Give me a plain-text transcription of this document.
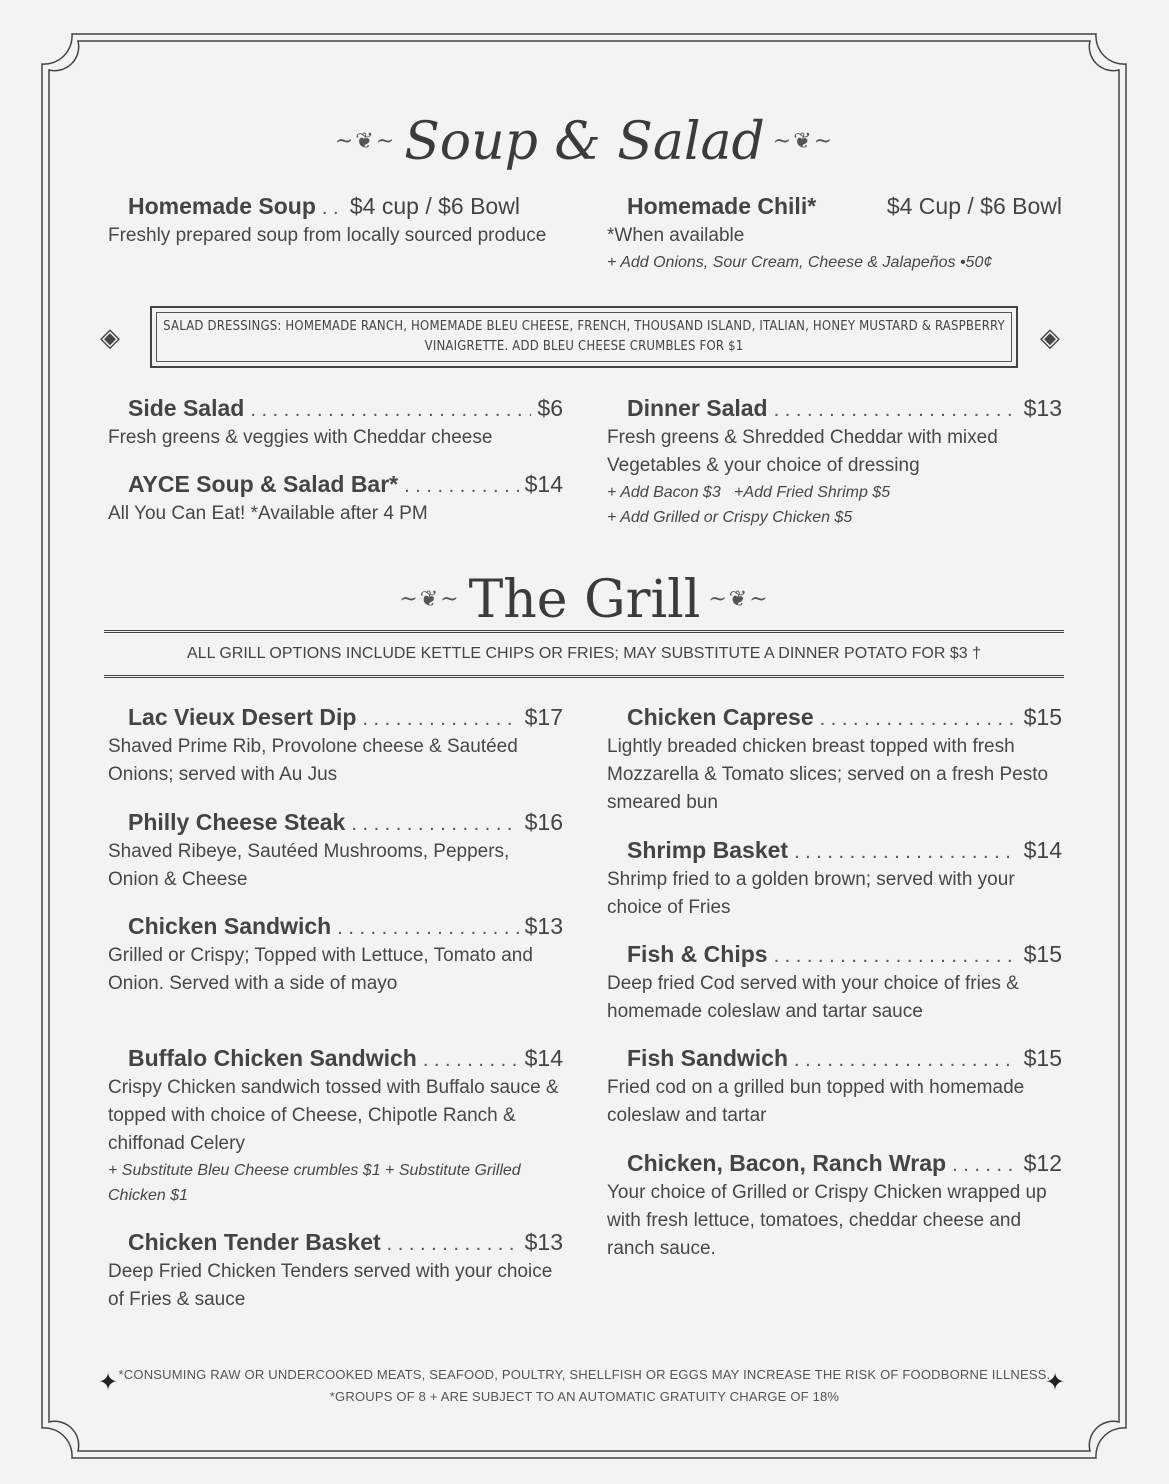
~❦~ Soup & Salad ~❦~
Homemade Soup . . . $4 cup / $6 Bowl
Freshly prepared soup from locally sourced produce
Homemade Chili*	$4 Cup / $6 Bowl
*When available
+ Add Onions, Sour Cream, Cheese & Jalapeños •50¢
◈	SALAD DRESSINGS: HOMEMADE RANCH, HOMEMADE BLEU CHEESE, FRENCH, THOUSAND ISLAND, ITALIAN, HONEY MUSTARD & RASPBERRY VINAIGRETTE. ADD BLEU CHEESE CRUMBLES FOR $1	◈
Side Salad . . .	$6
Fresh greens & veggies with Cheddar cheese
AYCE Soup & Salad Bar* . . .	$14
All You Can Eat! *Available after 4 PM
Dinner Salad . . .	$13
Fresh greens & Shredded Cheddar with mixed Vegetables & your choice of dressing
+ Add Bacon $3   +Add Fried Shrimp $5
+ Add Grilled or Crispy Chicken $5
~❦~ The Grill ~❦~
ALL GRILL OPTIONS INCLUDE KETTLE CHIPS OR FRIES; MAY SUBSTITUTE A DINNER POTATO FOR $3 †
Lac Vieux Desert Dip . . .	$17
Shaved Prime Rib, Provolone cheese & Sautéed Onions; served with Au Jus
Philly Cheese Steak . . .	$16
Shaved Ribeye, Sautéed Mushrooms, Peppers, Onion & Cheese
Chicken Sandwich . . .	$13
Grilled or Crispy; Topped with Lettuce, Tomato and Onion. Served with a side of mayo
Buffalo Chicken Sandwich . . .	$14
Crispy Chicken sandwich tossed with Buffalo sauce & topped with choice of Cheese, Chipotle Ranch & chiffonad Celery
+ Substitute Bleu Cheese crumbles $1 + Substitute Grilled Chicken $1
Chicken Tender Basket . . .	$13
Deep Fried Chicken Tenders served with your choice of Fries & sauce
Chicken Caprese . . .	$15
Lightly breaded chicken breast topped with fresh Mozzarella & Tomato slices; served on a fresh Pesto smeared bun
Shrimp Basket . . .	$14
Shrimp fried to a golden brown; served with your choice of Fries
Fish & Chips . . .	$15
Deep fried Cod served with your choice of fries & homemade coleslaw and tartar sauce
Fish Sandwich . . .	$15
Fried cod on a grilled bun topped with homemade coleslaw and tartar
Chicken, Bacon, Ranch Wrap . . .	$12
Your choice of Grilled or Crispy Chicken wrapped up with fresh lettuce, tomatoes, cheddar cheese and ranch sauce.
✦ *CONSUMING RAW OR UNDERCOOKED MEATS, SEAFOOD, POULTRY, SHELLFISH OR EGGS MAY INCREASE THE RISK OF FOODBORNE ILLNESS.
*GROUPS OF 8 + ARE SUBJECT TO AN AUTOMATIC GRATUITY CHARGE OF 18%
✦
